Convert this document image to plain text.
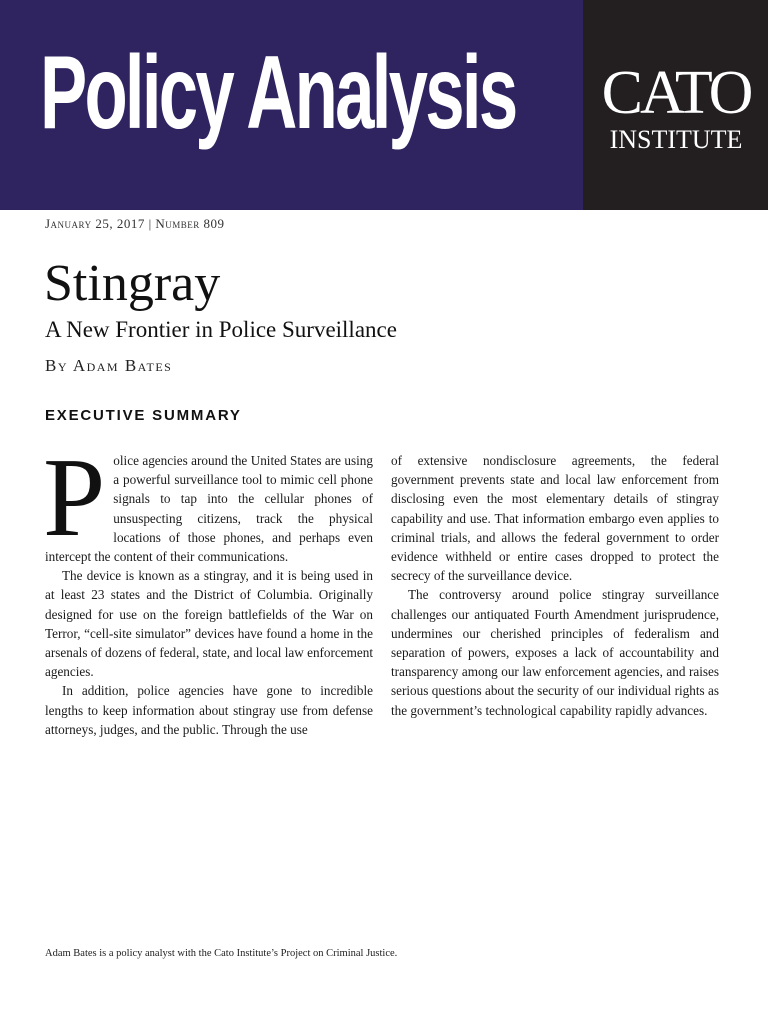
Policy Analysis CATO
INSTITUTE
January 25, 2017 | Number 809
Stingray
A New Frontier in Police Surveillance
By Adam Bates
EXECUTIVE SUMMARY

Police agencies around the United States are using a powerful surveillance tool to mimic cell phone signals to tap into the cellular phones of unsuspecting citizens, track the physical locations of those phones, and perhaps even intercept the content of their communications.

The device is known as a stingray, and it is being used in at least 23 states and the District of Columbia. Originally designed for use on the foreign battlefields of the War on Terror, “cell-site simulator” devices have found a home in the arsenals of dozens of federal, state, and local law enforcement agencies.

In addition, police agencies have gone to incredible lengths to keep information about stingray use from defense attorneys, judges, and the public. Through the use

of extensive nondisclosure agreements, the federal government prevents state and local law enforcement from disclosing even the most elementary details of stingray capability and use. That information embargo even applies to criminal trials, and allows the federal government to order evidence withheld or entire cases dropped to protect the secrecy of the surveillance device.

The controversy around police stingray surveillance challenges our antiquated Fourth Amendment jurisprudence, undermines our cherished principles of federalism and separation of powers, exposes a lack of accountability and transparency among our law enforcement agencies, and raises serious questions about the security of our individual rights as the government’s technological capability rapidly advances.

Adam Bates is a policy analyst with the Cato Institute’s Project on Criminal Justice.
